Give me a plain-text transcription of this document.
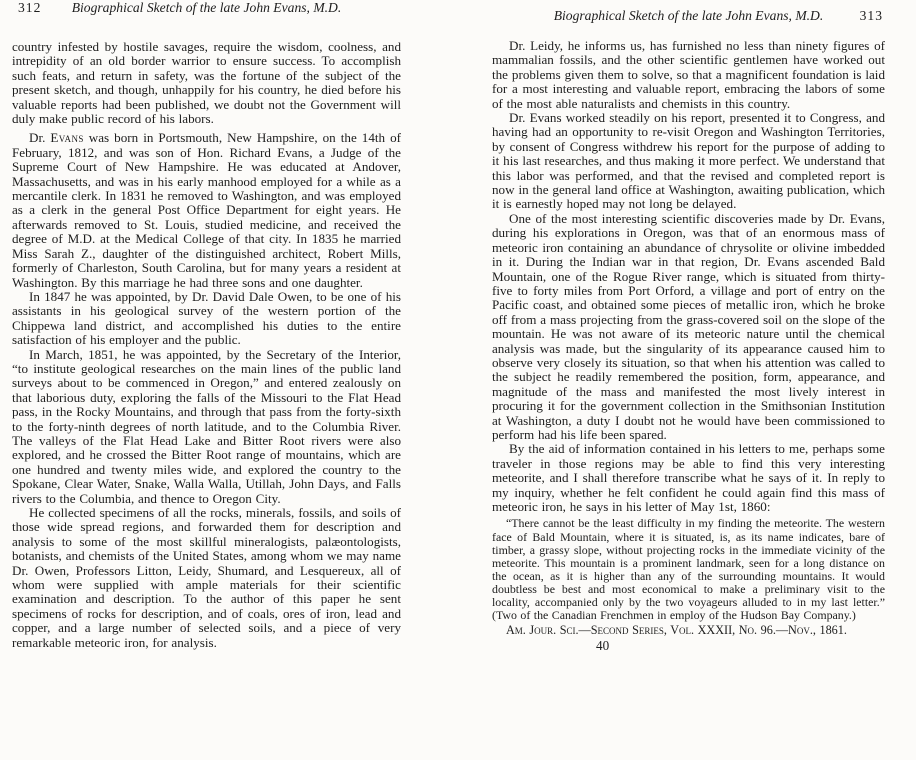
312 Biographical Sketch of the late John Evans, M.D.

country infested by hostile savages, require the wisdom, coolness, and intrepidity of an old border warrior to ensure success. To accomplish such feats, and return in safety, was the fortune of the subject of the present sketch, and though, unhappily for his country, he died before his valuable reports had been published, we doubt not the Government will duly make public record of his labors.

Dr. Evans was born in Portsmouth, New Hampshire, on the 14th of February, 1812, and was son of Hon. Richard Evans, a Judge of the Supreme Court of New Hampshire. He was educated at Andover, Massachusetts, and was in his early manhood employed for a while as a mercantile clerk. In 1831 he removed to Washington, and was employed as a clerk in the general Post Office Department for eight years. He afterwards removed to St. Louis, studied medicine, and received the degree of M.D. at the Medical College of that city. In 1835 he married Miss Sarah Z., daughter of the distinguished architect, Robert Mills, formerly of Charleston, South Carolina, but for many years a resident at Washington. By this marriage he had three sons and one daughter.

In 1847 he was appointed, by Dr. David Dale Owen, to be one of his assistants in his geological survey of the western portion of the Chippewa land district, and accomplished his duties to the entire satisfaction of his employer and the public.

In March, 1851, he was appointed, by the Secretary of the Interior, “to institute geological researches on the main lines of the public land surveys about to be commenced in Oregon,” and entered zealously on that laborious duty, exploring the falls of the Missouri to the Flat Head pass, in the Rocky Mountains, and through that pass from the forty-sixth to the forty-ninth degrees of north latitude, and to the Columbia River. The valleys of the Flat Head Lake and Bitter Root rivers were also explored, and he crossed the Bitter Root range of mountains, which are one hundred and twenty miles wide, and explored the country to the Spokane, Clear Water, Snake, Walla Walla, Utillah, John Days, and Falls rivers to the Columbia, and thence to Oregon City.

He collected specimens of all the rocks, minerals, fossils, and soils of those wide spread regions, and forwarded them for description and analysis to some of the most skillful mineralogists, palæontologists, botanists, and chemists of the United States, among whom we may name Dr. Owen, Professors Litton, Leidy, Shumard, and Lesquereux, all of whom were supplied with ample materials for their scientific examination and description. To the author of this paper he sent specimens of rocks for description, and of coals, ores of iron, lead and copper, and a large number of selected soils, and a piece of very remarkable meteoric iron, for analysis.

Biographical Sketch of the late John Evans, M.D.	313

Dr. Leidy, he informs us, has furnished no less than ninety figures of mammalian fossils, and the other scientific gentlemen have worked out the problems given them to solve, so that a magnificent foundation is laid for a most interesting and valuable report, embracing the labors of some of the most able naturalists and chemists in this country.

Dr. Evans worked steadily on his report, presented it to Congress, and having had an opportunity to re-visit Oregon and Washington Territories, by consent of Congress withdrew his report for the purpose of adding to it his last researches, and thus making it more perfect. We understand that this labor was performed, and that the revised and completed report is now in the general land office at Washington, awaiting publication, which it is earnestly hoped may not long be delayed.

One of the most interesting scientific discoveries made by Dr. Evans, during his explorations in Oregon, was that of an enormous mass of meteoric iron containing an abundance of chrysolite or olivine imbedded in it. During the Indian war in that region, Dr. Evans ascended Bald Mountain, one of the Rogue River range, which is situated from thirty-five to forty miles from Port Orford, a village and port of entry on the Pacific coast, and obtained some pieces of metallic iron, which he broke off from a mass projecting from the grass-covered soil on the slope of the mountain. He was not aware of its meteoric nature until the chemical analysis was made, but the singularity of its appearance caused him to observe very closely its situation, so that when his attention was called to the subject he readily remembered the position, form, appearance, and magnitude of the mass and manifested the most lively interest in procuring it for the government collection in the Smithsonian Institution at Washington, a duty I doubt not he would have been commissioned to perform had his life been spared.

By the aid of information contained in his letters to me, perhaps some traveler in those regions may be able to find this very interesting meteorite, and I shall therefore transcribe what he says of it. In reply to my inquiry, whether he felt confident he could again find this mass of meteoric iron, he says in his letter of May 1st, 1860:

“There cannot be the least difficulty in my finding the meteorite. The western face of Bald Mountain, where it is situated, is, as its name indicates, bare of timber, a grassy slope, without projecting rocks in the immediate vicinity of the meteorite. This mountain is a prominent landmark, seen for a long distance on the ocean, as it is higher than any of the surrounding mountains. It would doubtless be best and most economical to make a preliminary visit to the locality, accompanied only by the two voyageurs alluded to in my last letter.” (Two of the Canadian Frenchmen in employ of the Hudson Bay Company.)

Am. Jour. Sci.—Second Series, Vol. XXXII, No. 96.—Nov., 1861.

40
